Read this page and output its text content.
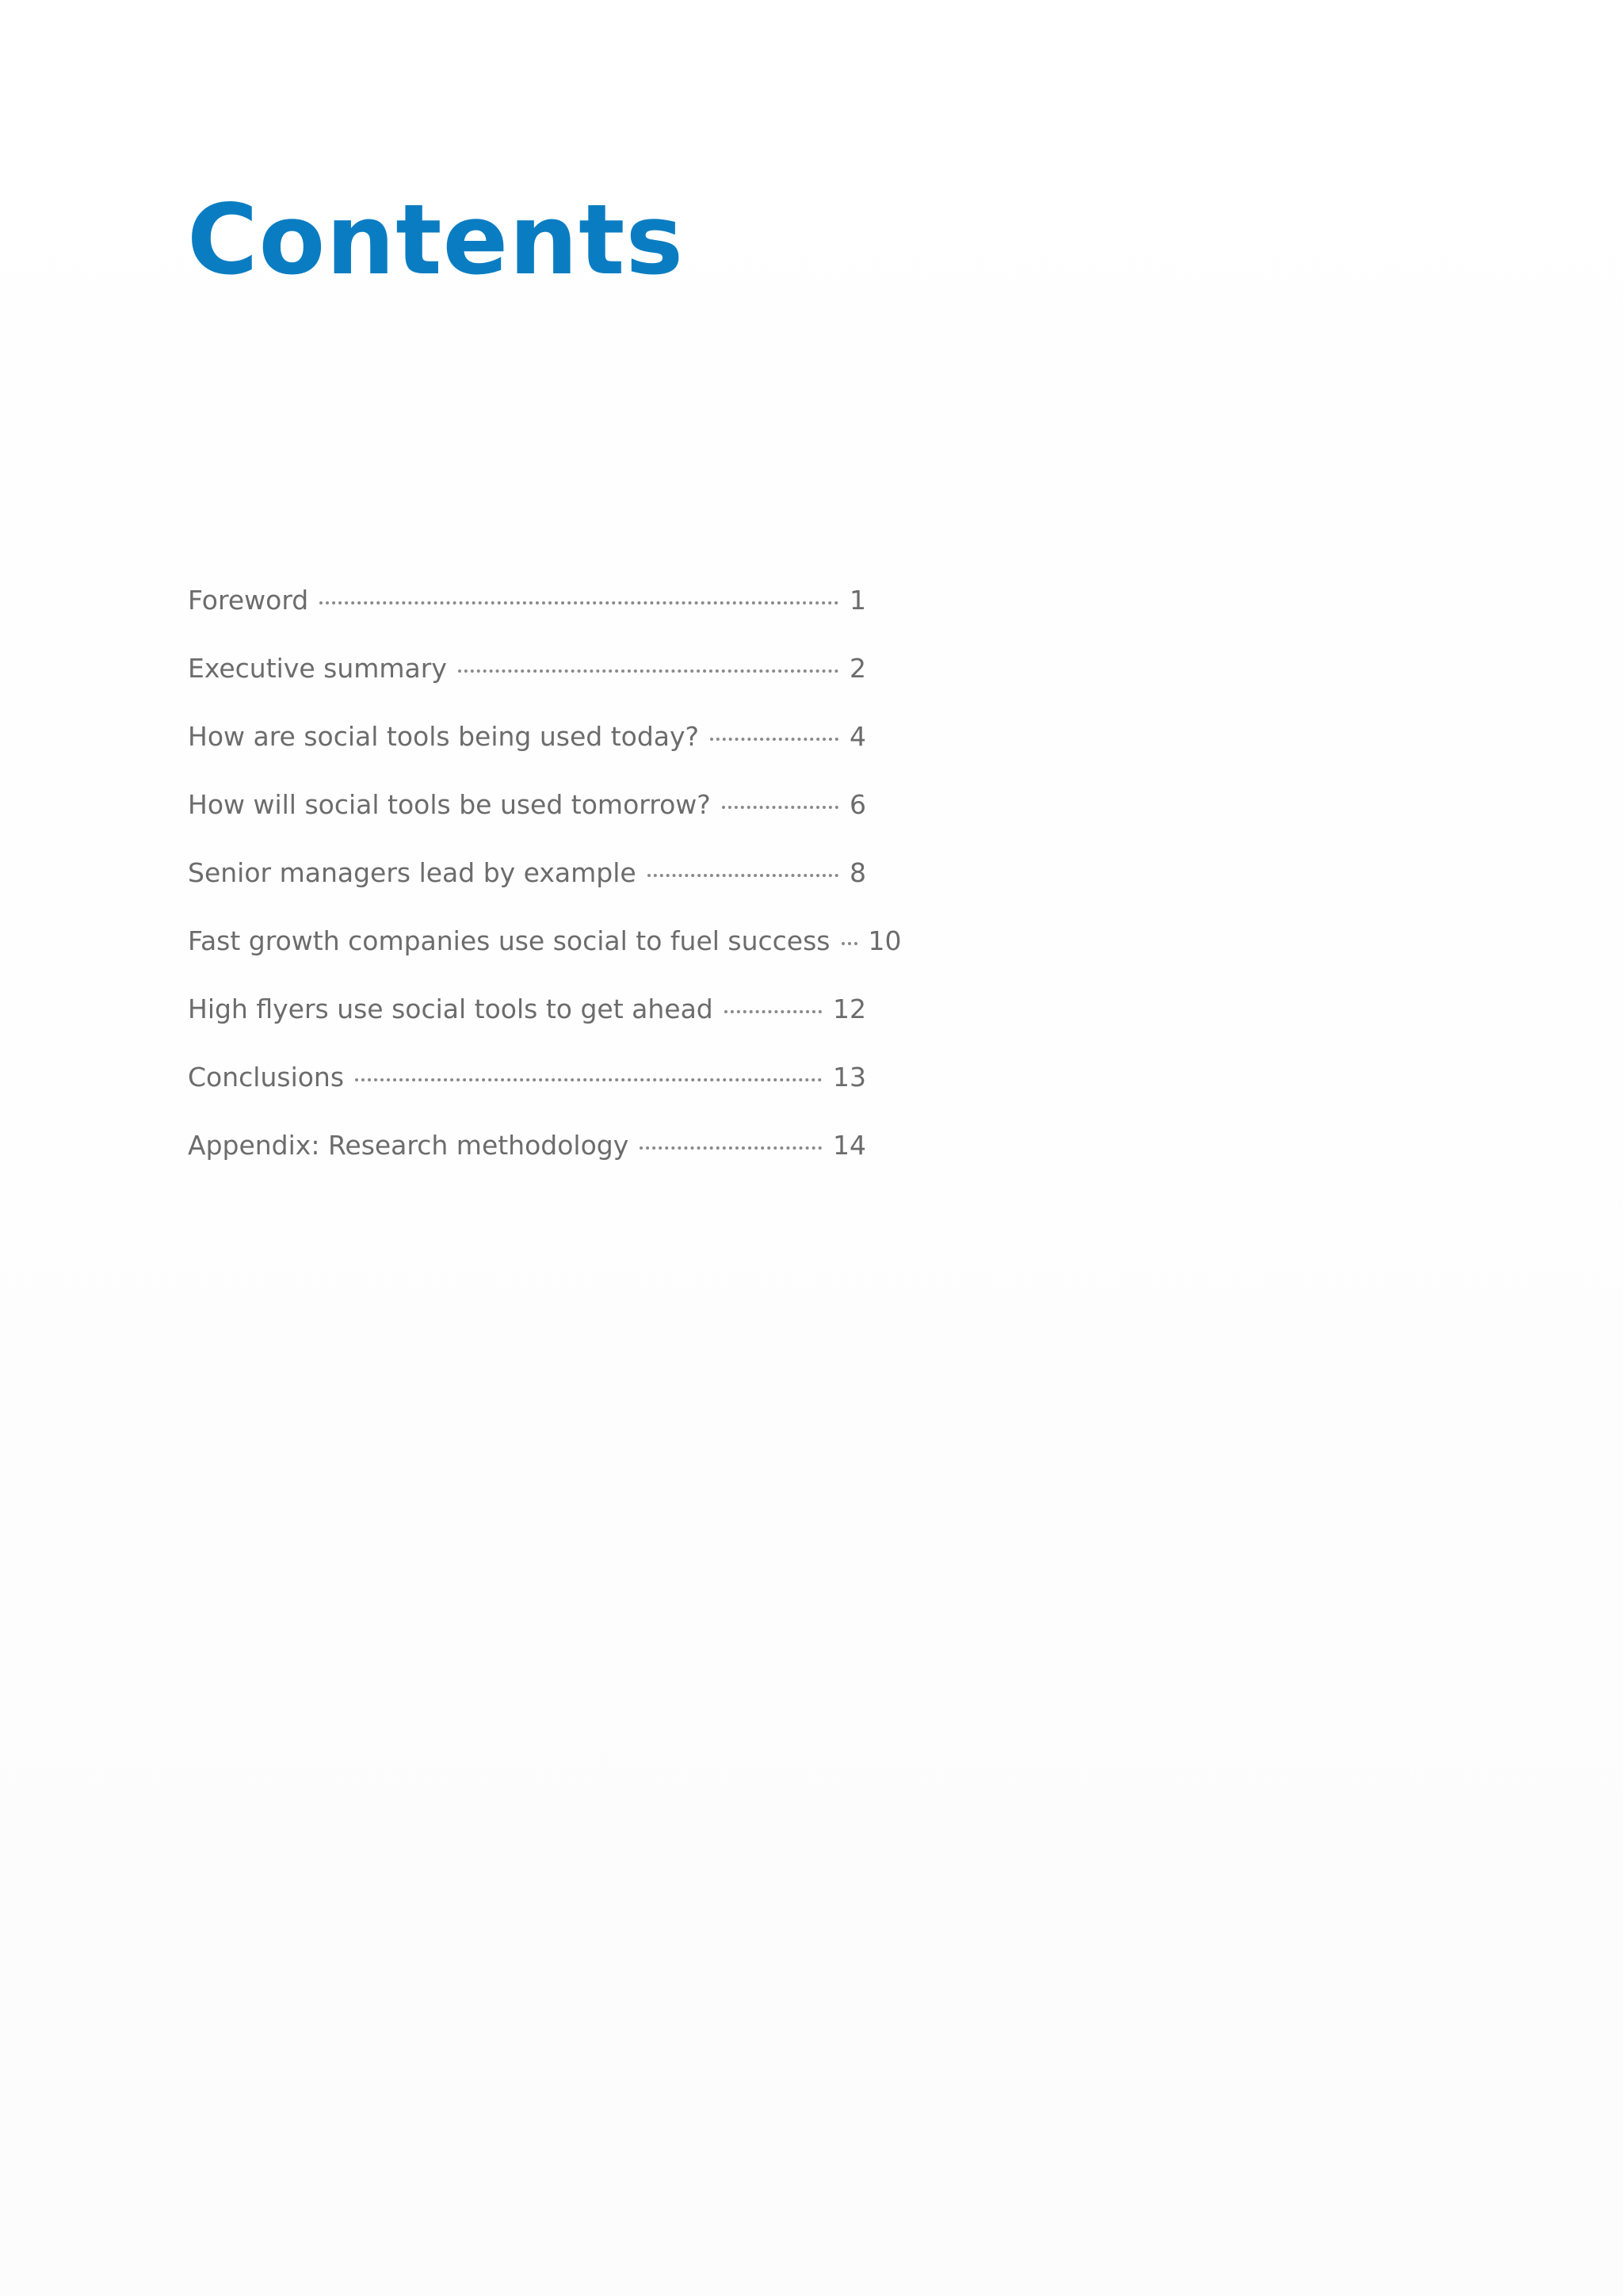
Contents
Foreword	1
Executive summary	2
How are social tools being used today?	4
How will social tools be used tomorrow?	6
Senior managers lead by example	8
Fast growth companies use social to fuel success 10
High flyers use social tools to get ahead	12
Conclusions	13
Appendix: Research methodology	14
